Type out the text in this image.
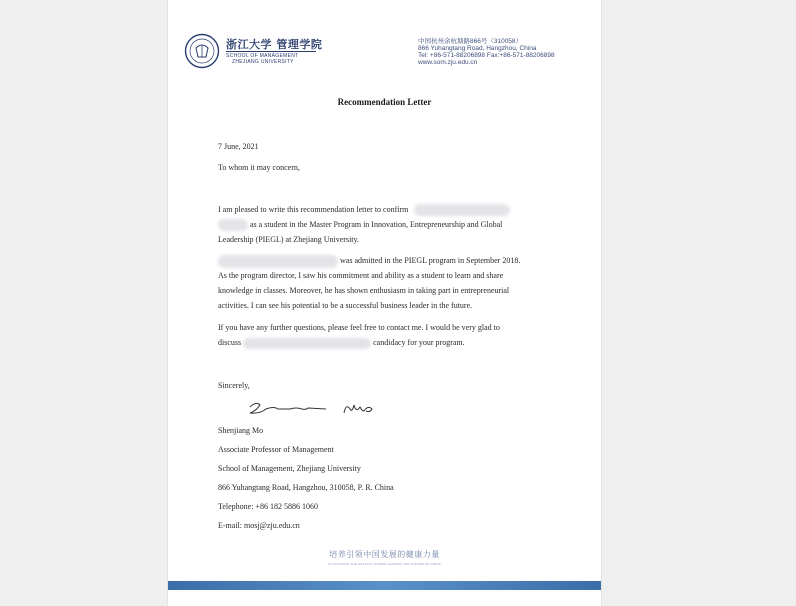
浙江大学 管理学院
SCHOOL OF MANAGEMENT
ZHEJIANG UNIVERSITY
中国杭州余杭塘路866号（310058）
866 Yuhangtang Road, Hangzhou, China
Tel: +86-571-88206898 Fax:+86-571-88206898
www.som.zju.edu.cn
Recommendation Letter
7 June, 2021
To whom it may concern,
I am pleased to write this recommendation letter to confirm
as a student in the Master Program in Innovation, Entrepreneurship and Global
Leadership (PIEGL) at Zhejiang University.
was admitted in the PIEGL program in September 2018.
As the program director, I saw his commitment and ability as a student to learn and share
knowledge in classes. Moreover, he has shown enthusiasm in taking part in entrepreneurial
activities. I can see his potential to be a successful business leader in the future.
If you have any further questions, please feel free to contact me. I would be very glad to
discuss	candidacy for your program.
Sincerely,
Shenjiang Mo
Associate Professor of Management
School of Management, Zhejiang University
866 Yuhangtang Road, Hangzhou, 310058, P. R. China
Telephone: +86 182 5886 1060
E-mail: mosj@zju.edu.cn
培养引领中国发展的健康力量
CULTIVATING THE HEALTHY POWER LEADING THE FUTURE OF CHINA
